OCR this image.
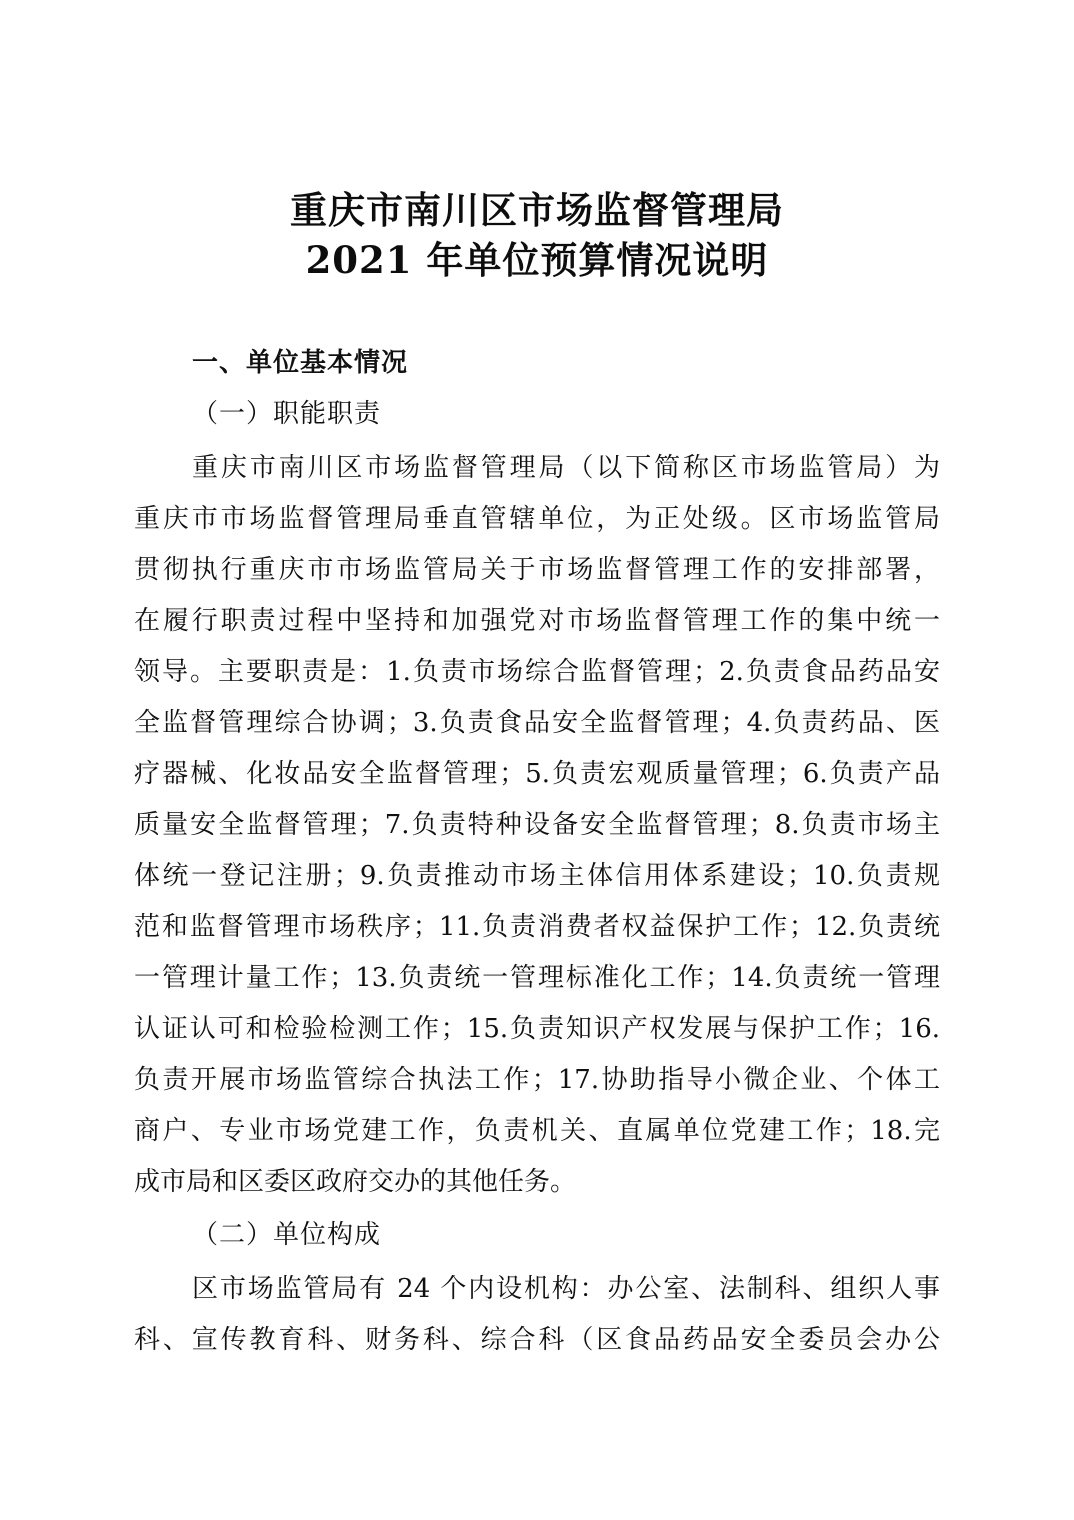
重庆市南川区市场监督管理局
2021 年单位预算情况说明
一、单位基本情况
（一）职能职责
重庆市南川区市场监督管理局（以下简称区市场监管局）为
重庆市市场监督管理局垂直管辖单位，为正处级。区市场监管局
贯彻执行重庆市市场监管局关于市场监督管理工作的安排部署，
在履行职责过程中坚持和加强党对市场监督管理工作的集中统一
领导。主要职责是：1.负责市场综合监督管理；2.负责食品药品安
全监督管理综合协调；3.负责食品安全监督管理；4.负责药品、医
疗器械、化妆品安全监督管理；5.负责宏观质量管理；6.负责产品
质量安全监督管理；7.负责特种设备安全监督管理；8.负责市场主
体统一登记注册；9.负责推动市场主体信用体系建设；10.负责规
范和监督管理市场秩序；11.负责消费者权益保护工作；12.负责统
一管理计量工作；13.负责统一管理标准化工作；14.负责统一管理
认证认可和检验检测工作；15.负责知识产权发展与保护工作；16.
负责开展市场监管综合执法工作；17.协助指导小微企业、个体工
商户、专业市场党建工作，负责机关、直属单位党建工作；18.完
成市局和区委区政府交办的其他任务。
（二）单位构成
区市场监管局有 24 个内设机构：办公室、法制科、组织人事
科、宣传教育科、财务科、综合科（区食品药品安全委员会办公
